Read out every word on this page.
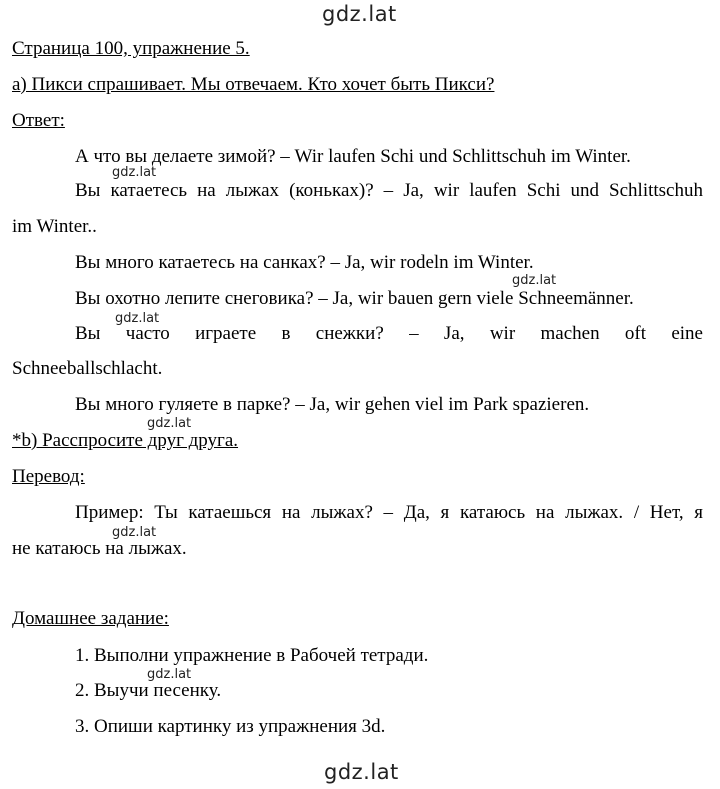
gdz.lat
Страница 100, упражнение 5.
a) Пикси спрашивает. Мы отвечаем. Кто хочет быть Пикси?
Ответ:
А что вы делаете зимой? – Wir laufen Schi und Schlittschuh im Winter.
gdz.lat
Вы катаетесь на лыжах (коньках)? – Ja, wir laufen Schi und Schlittschuh
im Winter..
Вы много катаетесь на санках? – Ja, wir rodeln im Winter.
gdz.lat
Вы охотно лепите снеговика? – Ja, wir bauen gern viele Schneemänner.
gdz.lat
Вы часто играете в снежки? – Ja, wir machen oft eine
Schneeballschlacht.
Вы много гуляете в парке? – Ja, wir gehen viel im Park spazieren.
gdz.lat
*b) Расспросите друг друга.
Перевод:
Пример: Ты катаешься на лыжах? – Да, я катаюсь на лыжах. / Нет, я
gdz.lat
не катаюсь на лыжах.
Домашнее задание:
1. Выполни упражнение в Рабочей тетради.
gdz.lat
2. Выучи песенку.
3. Опиши картинку из упражнения 3d.
gdz.lat
